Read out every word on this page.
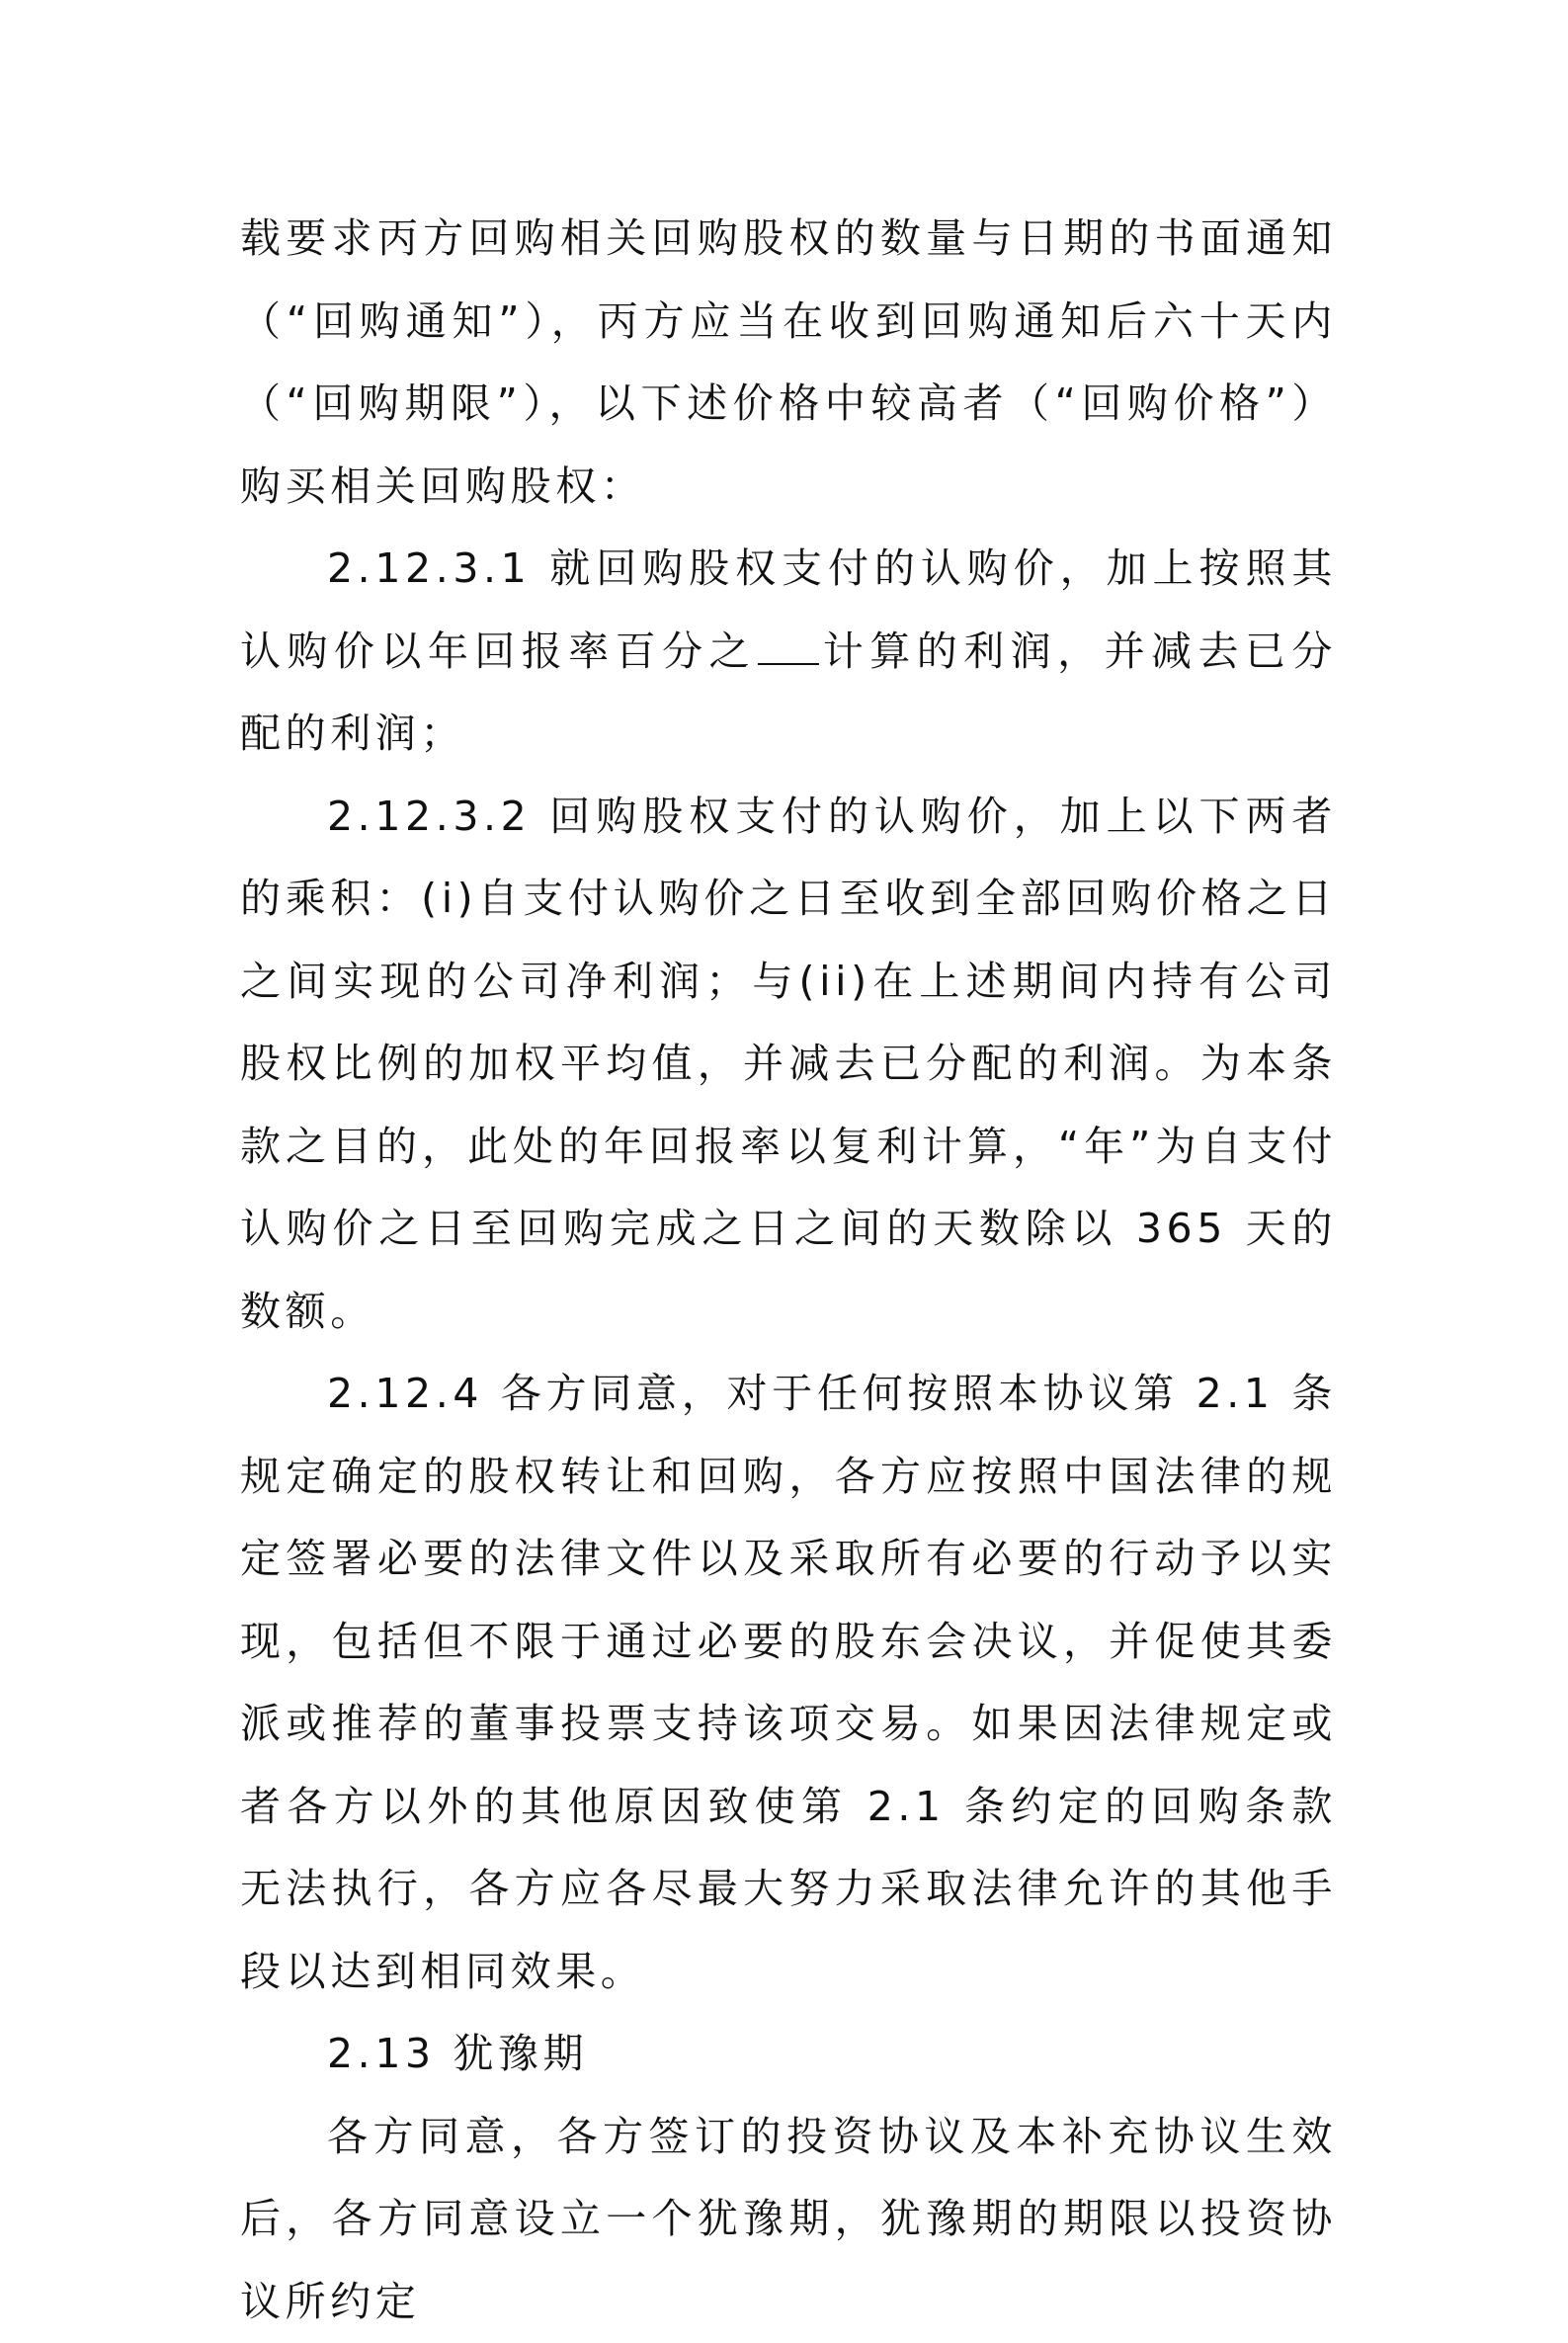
载要求丙方回购相关回购股权的数量与日期的书面通知（“回购通知”），丙方应当在收到回购通知后六十天内（“回购期限”），以下述价格中较高者（“回购价格”）购买相关回购股权：

2.12.3.1 就回购股权支付的认购价，加上按照其认购价以年回报率百分之 计算的利润，并减去已分配的利润；

2.12.3.2 回购股权支付的认购价，加上以下两者的乘积：(i)自支付认购价之日至收到全部回购价格之日之间实现的公司净利润；与(ii)在上述期间内持有公司股权比例的加权平均值，并减去已分配的利润。为本条款之目的，此处的年回报率以复利计算，“年”为自支付认购价之日至回购完成之日之间的天数除以 365 天的数额。

2.12.4 各方同意，对于任何按照本协议第 2.1 条规定确定的股权转让和回购，各方应按照中国法律的规定签署必要的法律文件以及采取所有必要的行动予以实现，包括但不限于通过必要的股东会决议，并促使其委派或推荐的董事投票支持该项交易。如果因法律规定或者各方以外的其他原因致使第 2.1 条约定的回购条款无法执行，各方应各尽最大努力采取法律允许的其他手段以达到相同效果。

2.13 犹豫期

各方同意，各方签订的投资协议及本补充协议生效后，各方同意设立一个犹豫期，犹豫期的期限以投资协议所约定
